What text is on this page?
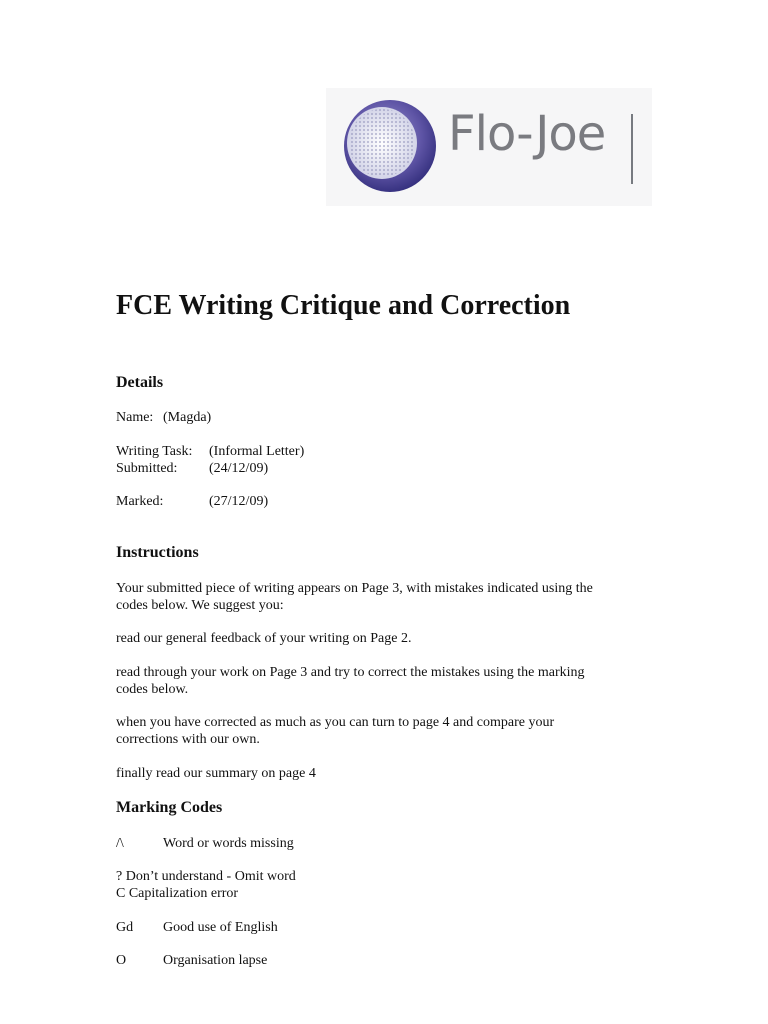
Flo-Joe
FCE Writing Critique and Correction
Details
Name: (Magda)
Writing Task: (Informal Letter)
Submitted: (24/12/09)
Marked:	(27/12/09)
Instructions
Your submitted piece of writing appears on Page 3, with mistakes indicated using the
codes below. We suggest you:
read our general feedback of your writing on Page 2.
read through your work on Page 3 and try to correct the mistakes using the marking
codes below.
when you have corrected as much as you can turn to page 4 and compare your
corrections with our own.
finally read our summary on page 4
Marking Codes
/\	Word or words missing
? Don’t understand - Omit word
C Capitalization error
Gd Good use of English
O	Organisation lapse
